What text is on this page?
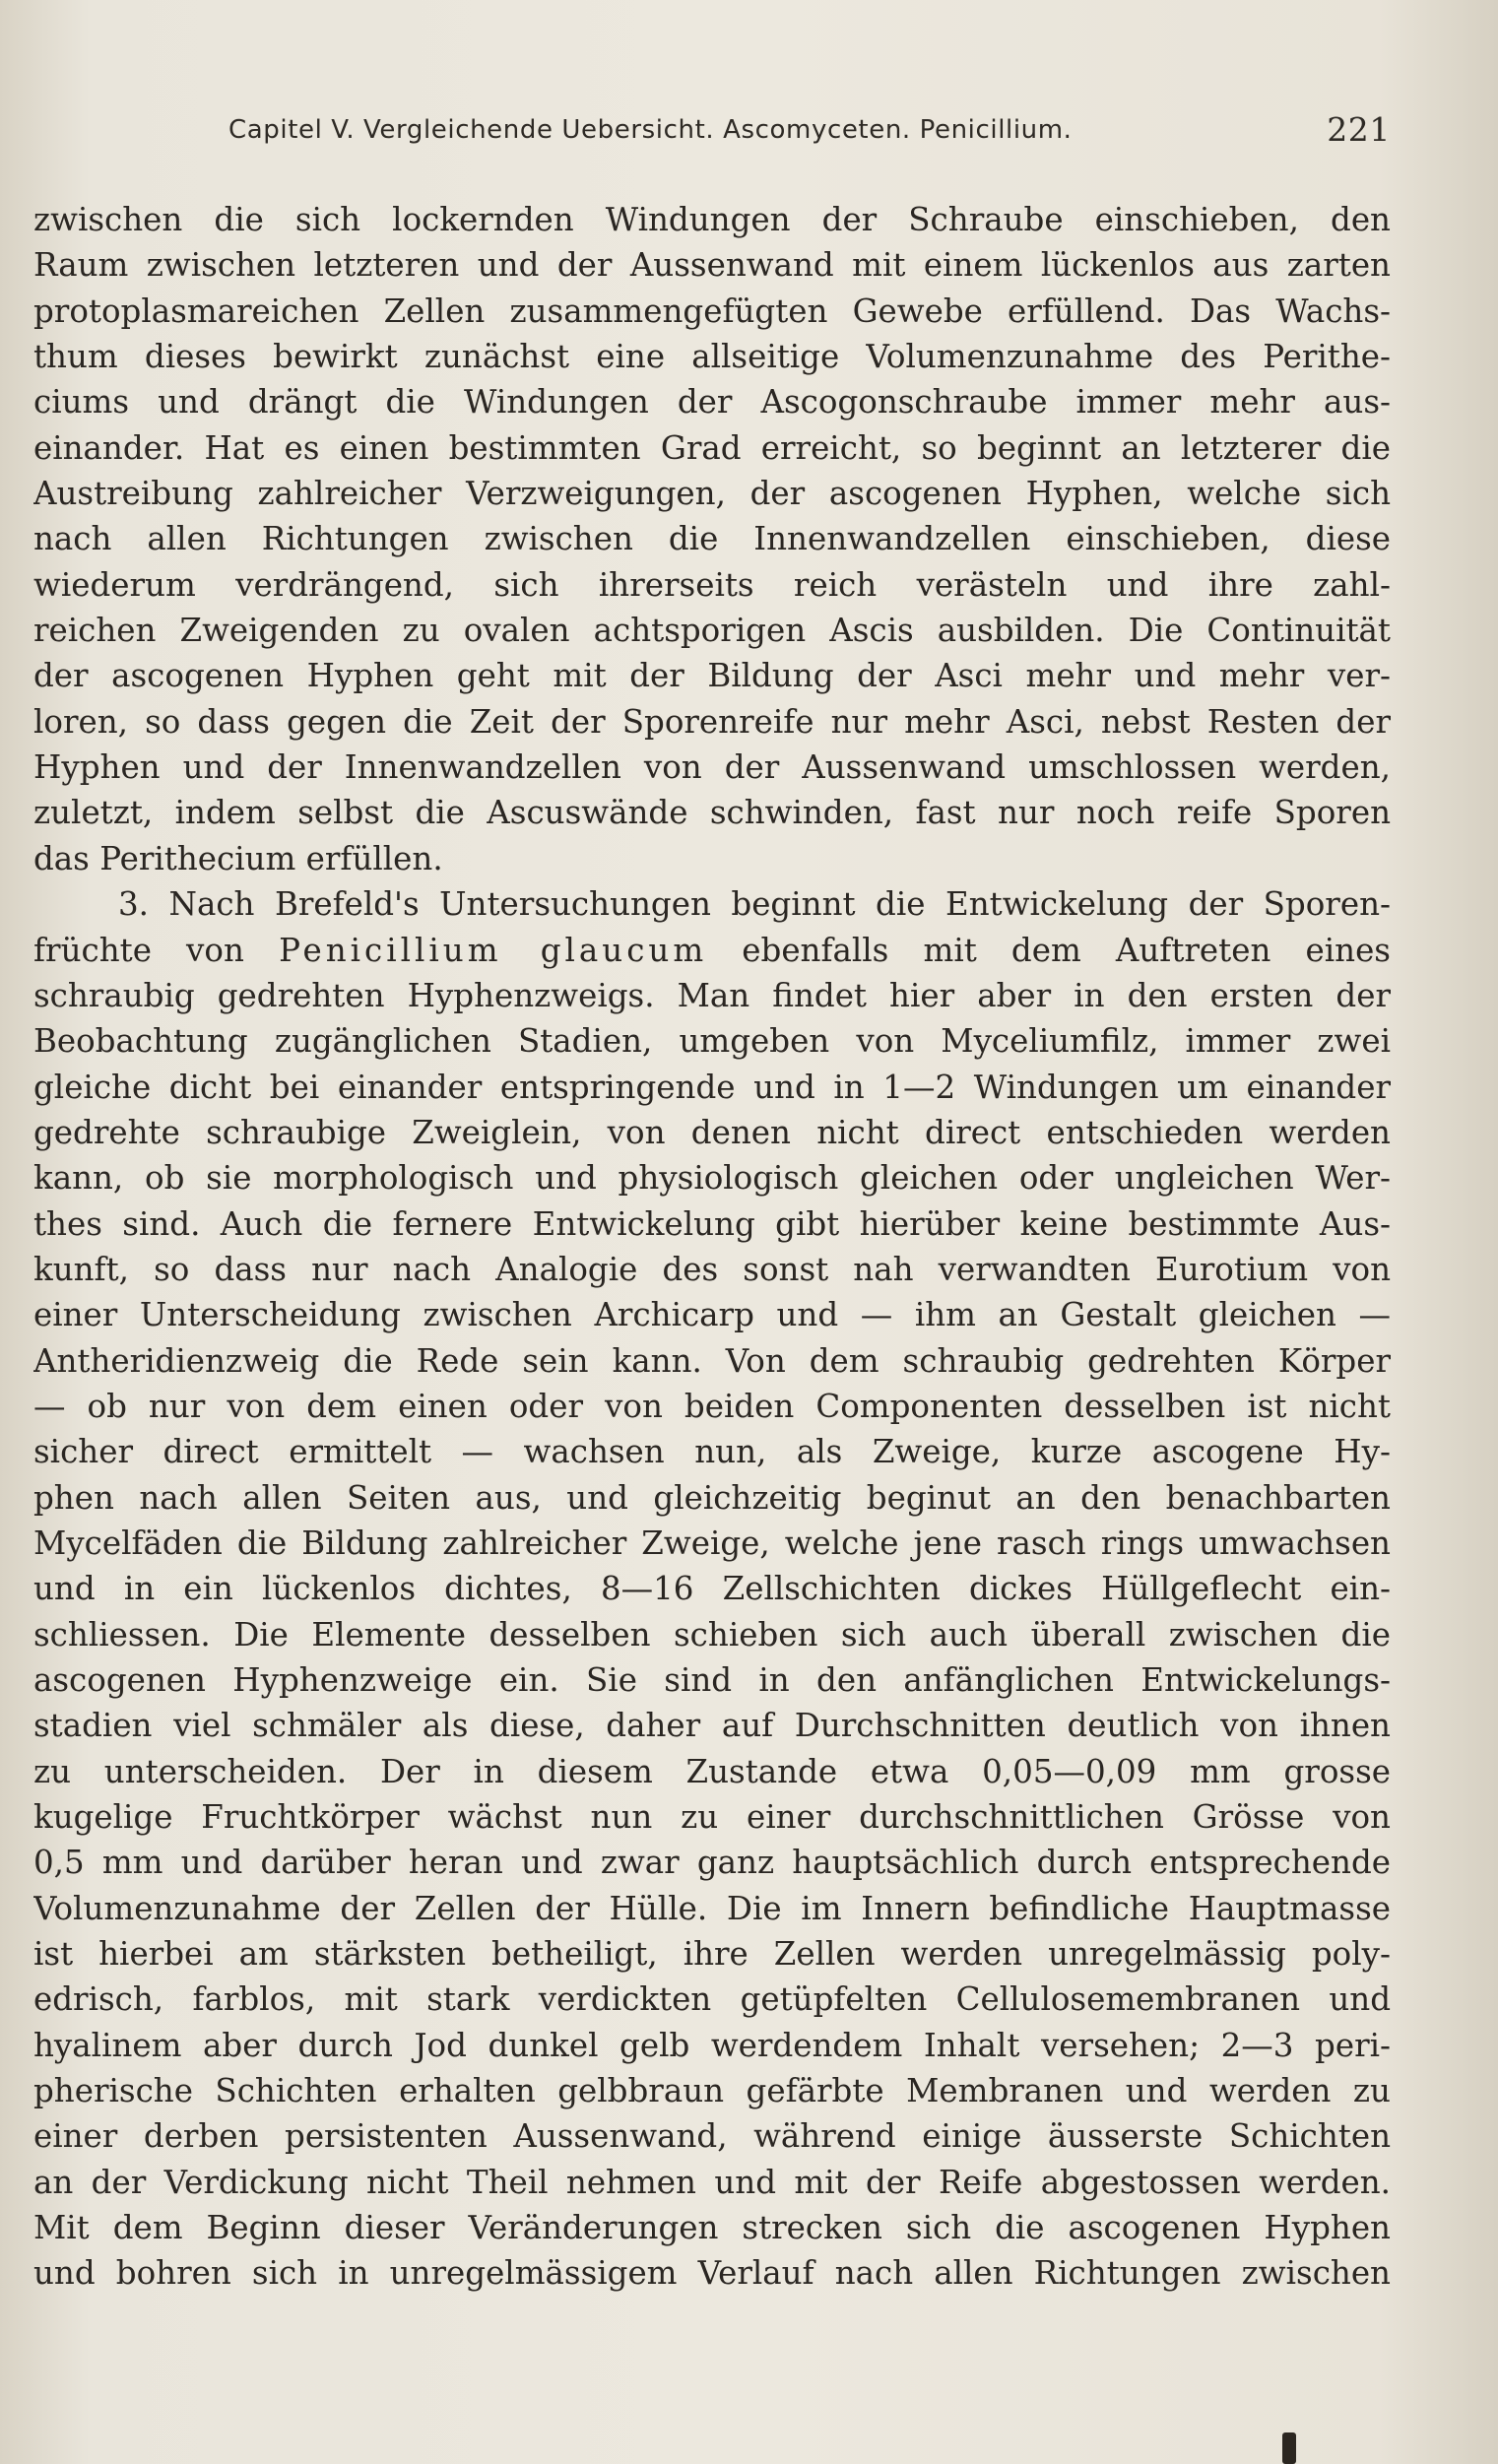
Capitel V. Vergleichende Uebersicht. Ascomyceten. Penicillium.	221
zwischen die sich lockernden Windungen der Schraube einschieben, den
Raum zwischen letzteren und der Aussenwand mit einem lückenlos aus zarten
protoplasmareichen Zellen zusammengefügten Gewebe erfüllend. Das Wachs-
thum dieses bewirkt zunächst eine allseitige Volumenzunahme des Perithe-
ciums und drängt die Windungen der Ascogonschraube immer mehr aus-
einander. Hat es einen bestimmten Grad erreicht, so beginnt an letzterer die
Austreibung zahlreicher Verzweigungen, der ascogenen Hyphen, welche sich
nach allen Richtungen zwischen die Innenwandzellen einschieben, diese
wiederum verdrängend, sich ihrerseits reich verästeln und ihre zahl-
reichen Zweigenden zu ovalen achtsporigen Ascis ausbilden. Die Continuität
der ascogenen Hyphen geht mit der Bildung der Asci mehr und mehr ver-
loren, so dass gegen die Zeit der Sporenreife nur mehr Asci, nebst Resten der
Hyphen und der Innenwandzellen von der Aussenwand umschlossen werden,
zuletzt, indem selbst die Ascuswände schwinden, fast nur noch reife Sporen
das Perithecium erfüllen.
3. Nach Brefeld's Untersuchungen beginnt die Entwickelung der Sporen-
früchte von Penicillium glaucum ebenfalls mit dem Auftreten eines
schraubig gedrehten Hyphenzweigs. Man findet hier aber in den ersten der
Beobachtung zugänglichen Stadien, umgeben von Myceliumfilz, immer zwei
gleiche dicht bei einander entspringende und in 1—2 Windungen um einander
gedrehte schraubige Zweiglein, von denen nicht direct entschieden werden
kann, ob sie morphologisch und physiologisch gleichen oder ungleichen Wer-
thes sind. Auch die fernere Entwickelung gibt hierüber keine bestimmte Aus-
kunft, so dass nur nach Analogie des sonst nah verwandten Eurotium von
einer Unterscheidung zwischen Archicarp und — ihm an Gestalt gleichen —
Antheridienzweig die Rede sein kann. Von dem schraubig gedrehten Körper
— ob nur von dem einen oder von beiden Componenten desselben ist nicht
sicher direct ermittelt — wachsen nun, als Zweige, kurze ascogene Hy-
phen nach allen Seiten aus, und gleichzeitig beginut an den benachbarten
Mycelfäden die Bildung zahlreicher Zweige, welche jene rasch rings umwachsen
und in ein lückenlos dichtes, 8—16 Zellschichten dickes Hüllgeflecht ein-
schliessen. Die Elemente desselben schieben sich auch überall zwischen die
ascogenen Hyphenzweige ein. Sie sind in den anfänglichen Entwickelungs-
stadien viel schmäler als diese, daher auf Durchschnitten deutlich von ihnen
zu unterscheiden. Der in diesem Zustande etwa 0,05—0,09 mm grosse
kugelige Fruchtkörper wächst nun zu einer durchschnittlichen Grösse von
0,5 mm und darüber heran und zwar ganz hauptsächlich durch entsprechende
Volumenzunahme der Zellen der Hülle. Die im Innern befindliche Hauptmasse
ist hierbei am stärksten betheiligt, ihre Zellen werden unregelmässig poly-
edrisch, farblos, mit stark verdickten getüpfelten Cellulosemembranen und
hyalinem aber durch Jod dunkel gelb werdendem Inhalt versehen; 2—3 peri-
pherische Schichten erhalten gelbbraun gefärbte Membranen und werden zu
einer derben persistenten Aussenwand, während einige äusserste Schichten
an der Verdickung nicht Theil nehmen und mit der Reife abgestossen werden.
Mit dem Beginn dieser Veränderungen strecken sich die ascogenen Hyphen
und bohren sich in unregelmässigem Verlauf nach allen Richtungen zwischen
